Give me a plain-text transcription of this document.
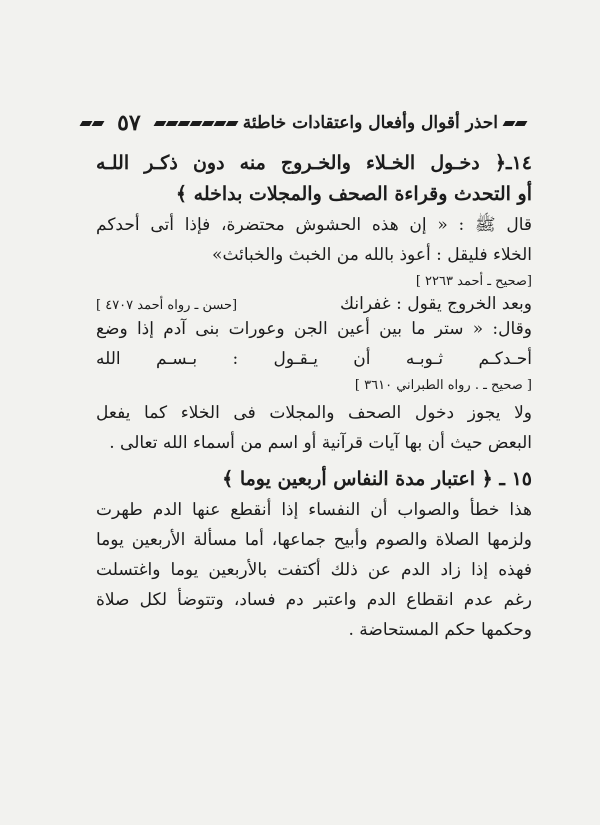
احذر أقوال وأفعال واعتقادات خاطئة
٥٧
١٤ـ﴿ دخـول الخـلاء والخـروج منه دون ذكـر اللـه
أو التحدث وقراءة الصحف والمجلات بداخله ﴾

قال ﷺ : « إن هذه الحشوش محتضرة، فإذا أتى أحدكم

الخلاء فليقل : أعوذ بالله من الخبث والخبائث»

[صحيح ـ أحمد ٢٢٦٣ ]
وبعد الخروج يقول : غفرانك
[حسن ـ رواه أحمد ٤٧٠٧ ]

وقال: « ستر ما بين أعين الجن وعورات بنى آدم إذا وضع

أحـدكـم ثـوبـه أن يـقـول : بـسـم الله

[ صحيح ـ . رواه الطبراني ٣٦١٠ ]

ولا يجوز دخول الصحف والمجلات فى الخلاء كما يفعل

البعض حيث أن بها آيات قرآنية أو اسم من أسماء الله تعالى .

١٥ ـ ﴿ اعتبار مدة النفاس أربعين يوما ﴾

هذا خطأ والصواب أن النفساء إذا أنقطع عنها الدم طهرت

ولزمها الصلاة والصوم وأبيح جماعها، أما مسألة الأربعين يوما

فهذه إذا زاد الدم عن ذلك أكتفت بالأربعين يوما واغتسلت

رغم عدم انقطاع الدم واعتبر دم فساد، وتتوضأ لكل صلاة

وحكمها حكم المستحاضة .
